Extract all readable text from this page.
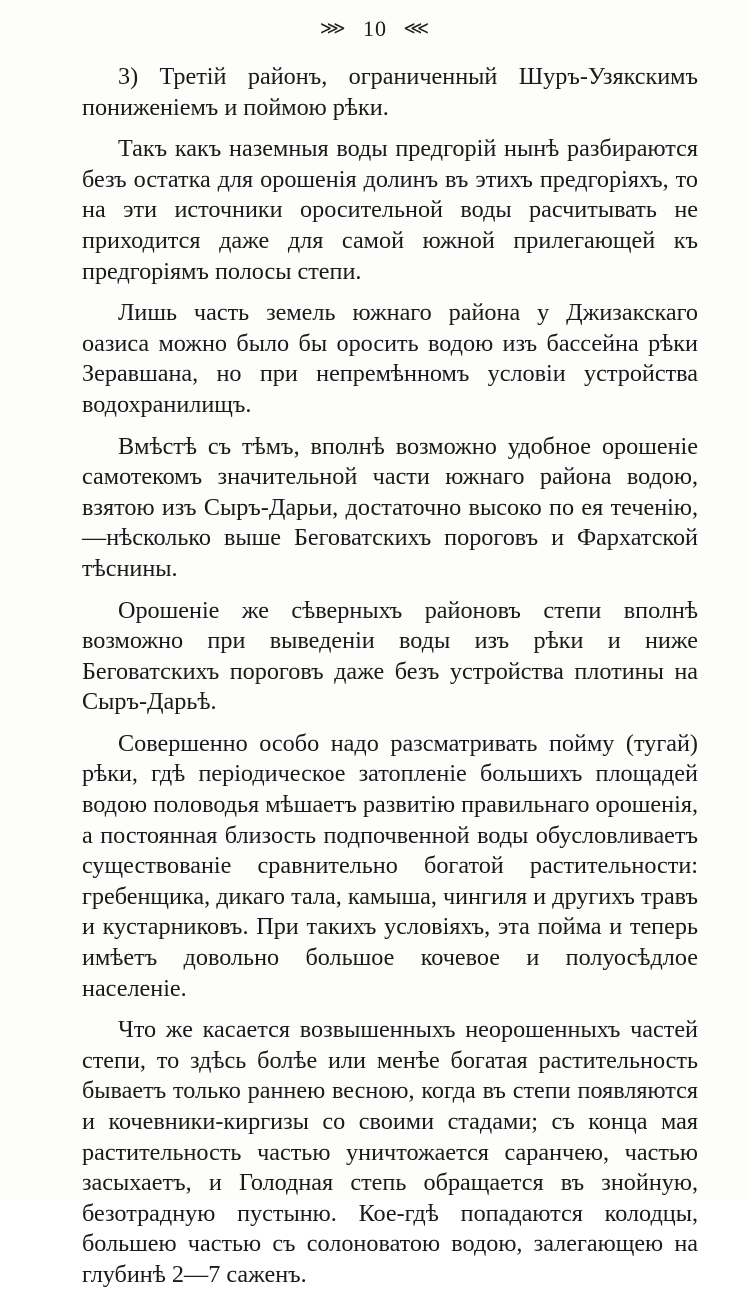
⋙ 10 ⋘

3) Третій районъ, ограниченный Шуръ-Узякскимъ пониженіемъ и поймою рѣки.

Такъ какъ наземныя воды предгорій нынѣ разбираются безъ остатка для орошенія долинъ въ этихъ предгоріяхъ, то на эти источники оросительной воды расчитывать не приходится даже для самой южной прилегающей къ предгоріямъ полосы степи.

Лишь часть земель южнаго района у Джизакскаго оазиса можно было бы оросить водою изъ бассейна рѣки Зеравшана, но при непремѣнномъ условіи устройства водохранилищъ.

Вмѣстѣ съ тѣмъ, вполнѣ возможно удобное орошеніе самотекомъ значительной части южнаго района водою, взятою изъ Сыръ-Дарьи, достаточно высоко по ея теченію,—нѣсколько выше Беговатскихъ пороговъ и Фархатской тѣснины.

Орошеніе же сѣверныхъ районовъ степи вполнѣ возможно при выведеніи воды изъ рѣки и ниже Беговатскихъ пороговъ даже безъ устройства плотины на Сыръ-Дарьѣ.

Совершенно особо надо разсматривать пойму (тугай) рѣки, гдѣ періодическое затопленіе большихъ площадей водою половодья мѣшаетъ развитію правильнаго орошенія, а постоянная близость подпочвенной воды обусловливаетъ существованіе сравнительно богатой растительности: гребенщика, дикаго тала, камыша, чингиля и другихъ травъ и кустарниковъ. При такихъ условіяхъ, эта пойма и теперь имѣетъ довольно большое кочевое и полуосѣдлое населеніе.

Что же касается возвышенныхъ неорошенныхъ частей степи, то здѣсь болѣе или менѣе богатая растительность бываетъ только раннею весною, когда въ степи появляются и кочевники-киргизы со своими стадами; съ конца мая растительность частью уничтожается саранчею, частью засыхаетъ, и Голодная степь обращается въ знойную, безотрадную пустыню. Кое-гдѣ попадаются колодцы, большею частью съ солоноватою водою, залегающею на глубинѣ 2—7 саженъ.
